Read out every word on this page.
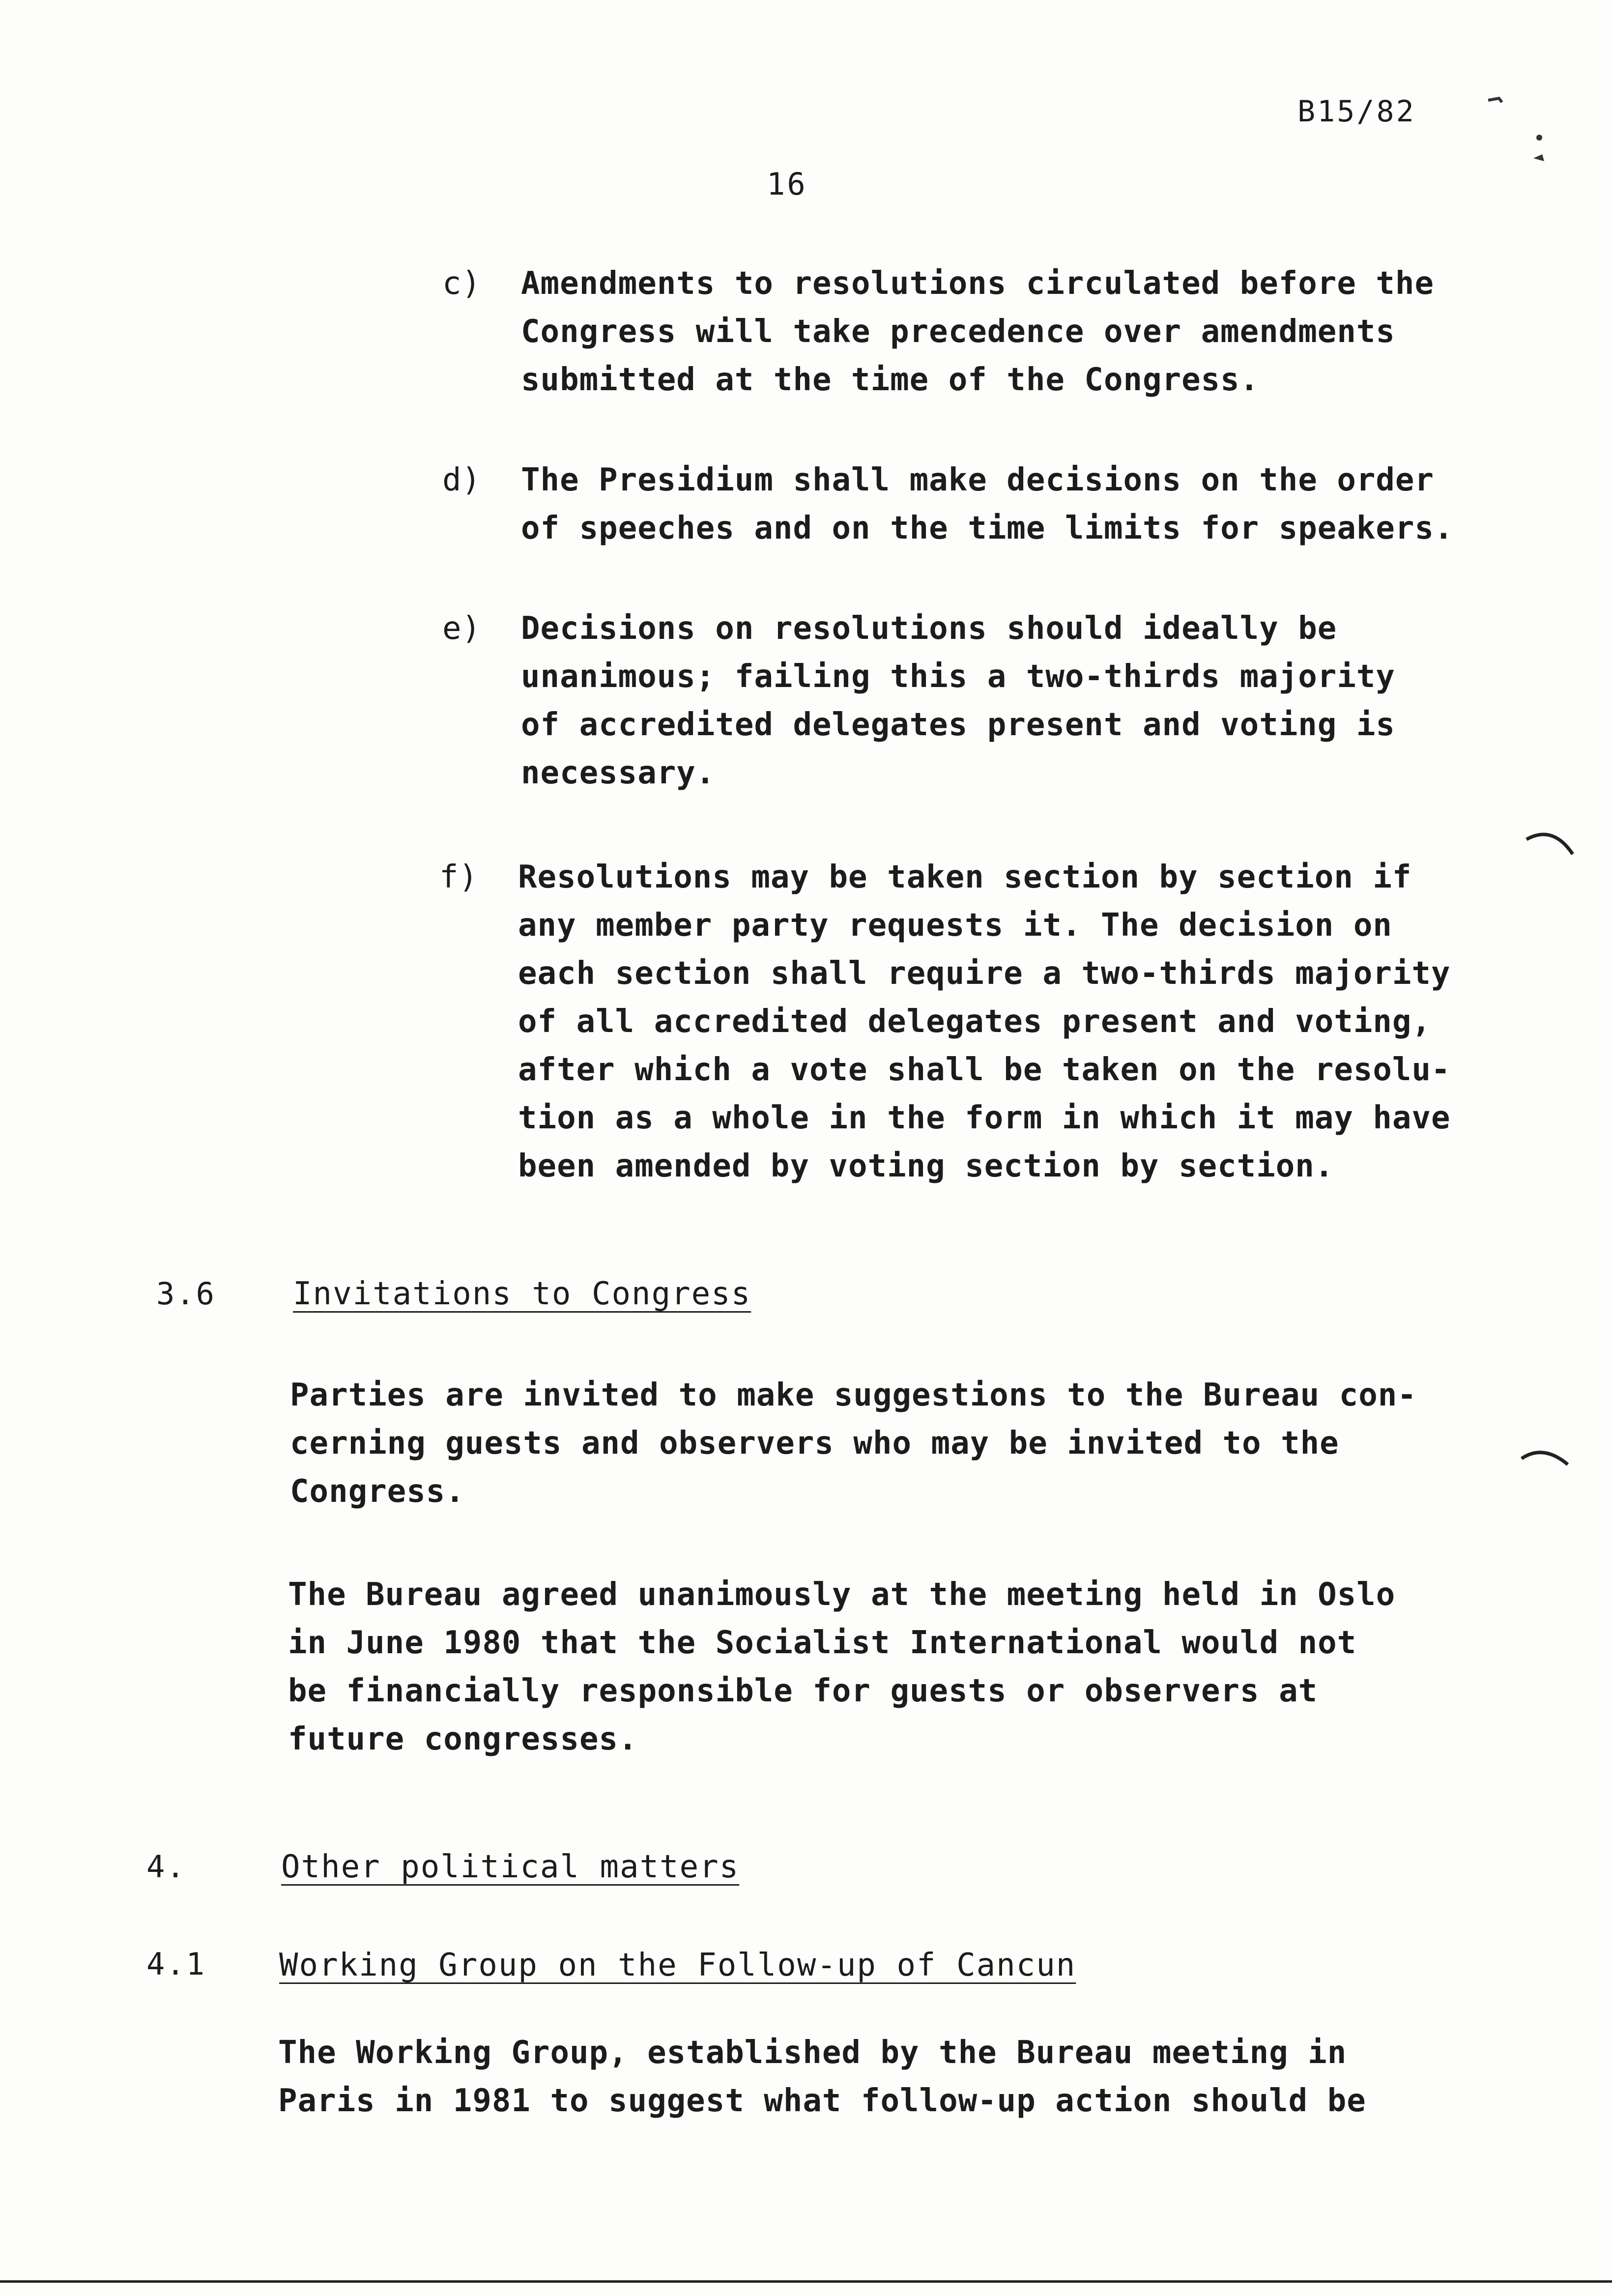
B15/82
16
c)	Amendments to resolutions circulated before the
Congress will take precedence over amendments
submitted at the time of the Congress.
d)	The Presidium shall make decisions on the order
of speeches and on the time limits for speakers.
e)	Decisions on resolutions should ideally be
unanimous; failing this a two-thirds majority
of accredited delegates present and voting is
necessary.
f)	Resolutions may be taken section by section if
any member party requests it. The decision on
each section shall require a two-thirds majority
of all accredited delegates present and voting,
after which a vote shall be taken on the resolu-
tion as a whole in the form in which it may have
been amended by voting section by section.
3.6 Invitations to Congress
Parties are invited to make suggestions to the Bureau con-
cerning guests and observers who may be invited to the
Congress.
The Bureau agreed unanimously at the meeting held in Oslo
in June 1980 that the Socialist International would not
be financially responsible for guests or observers at
future congresses.
4.	Other political matters
4.1 Working Group on the Follow-up of Cancun
The Working Group, established by the Bureau meeting in
Paris in 1981 to suggest what follow-up action should be
